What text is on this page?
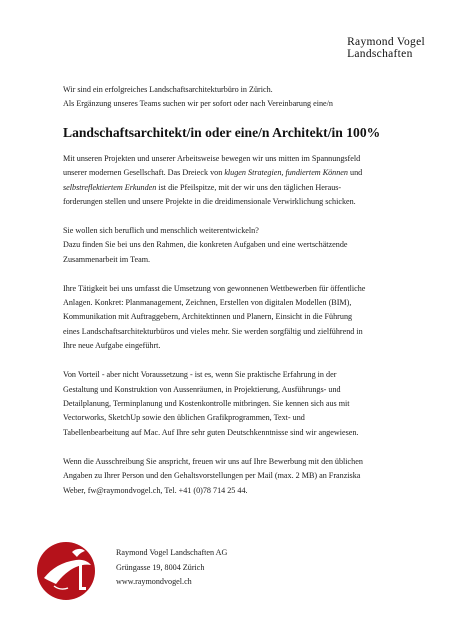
Raymond Vogel
Landschaften

Wir sind ein erfolgreiches Landschaftsarchitekturbüro in Zürich.
Als Ergänzung unseres Teams suchen wir per sofort oder nach Vereinbarung eine/n

Landschaftsarchitekt/in oder eine/n Architekt/in 100%

Mit unseren Projekten und unserer Arbeitsweise bewegen wir uns mitten im Spannungsfeld
unserer modernen Gesellschaft. Das Dreieck von klugen Strategien, fundiertem Können und
selbstreflektiertem Erkunden ist die Pfeilspitze, mit der wir uns den täglichen Heraus-
forderungen stellen und unsere Projekte in die dreidimensionale Verwirklichung schicken.

Sie wollen sich beruflich und menschlich weiterentwickeln?
Dazu finden Sie bei uns den Rahmen, die konkreten Aufgaben und eine wertschätzende
Zusammenarbeit im Team.

Ihre Tätigkeit bei uns umfasst die Umsetzung von gewonnenen Wettbewerben für öffentliche
Anlagen. Konkret: Planmanagement, Zeichnen, Erstellen von digitalen Modellen (BIM),
Kommunikation mit Auftraggebern, Architektinnen und Planern, Einsicht in die Führung
eines Landschaftsarchitekturbüros und vieles mehr. Sie werden sorgfältig und zielführend in
Ihre neue Aufgabe eingeführt.

Von Vorteil - aber nicht Voraussetzung - ist es, wenn Sie praktische Erfahrung in der
Gestaltung und Konstruktion von Aussenräumen, in Projektierung, Ausführungs- und
Detailplanung, Terminplanung und Kostenkontrolle mitbringen. Sie kennen sich aus mit
Vectorworks, SketchUp sowie den üblichen Grafikprogrammen, Text- und
Tabellenbearbeitung auf Mac. Auf Ihre sehr guten Deutschkenntnisse sind wir angewiesen.

Wenn die Ausschreibung Sie anspricht, freuen wir uns auf Ihre Bewerbung mit den üblichen
Angaben zu Ihrer Person und den Gehaltsvorstellungen per Mail (max. 2 MB) an Franziska
Weber, fw@raymondvogel.ch, Tel. +41 (0)78 714 25 44.

Raymond Vogel Landschaften AG
Grüngasse 19, 8004 Zürich
www.raymondvogel.ch
